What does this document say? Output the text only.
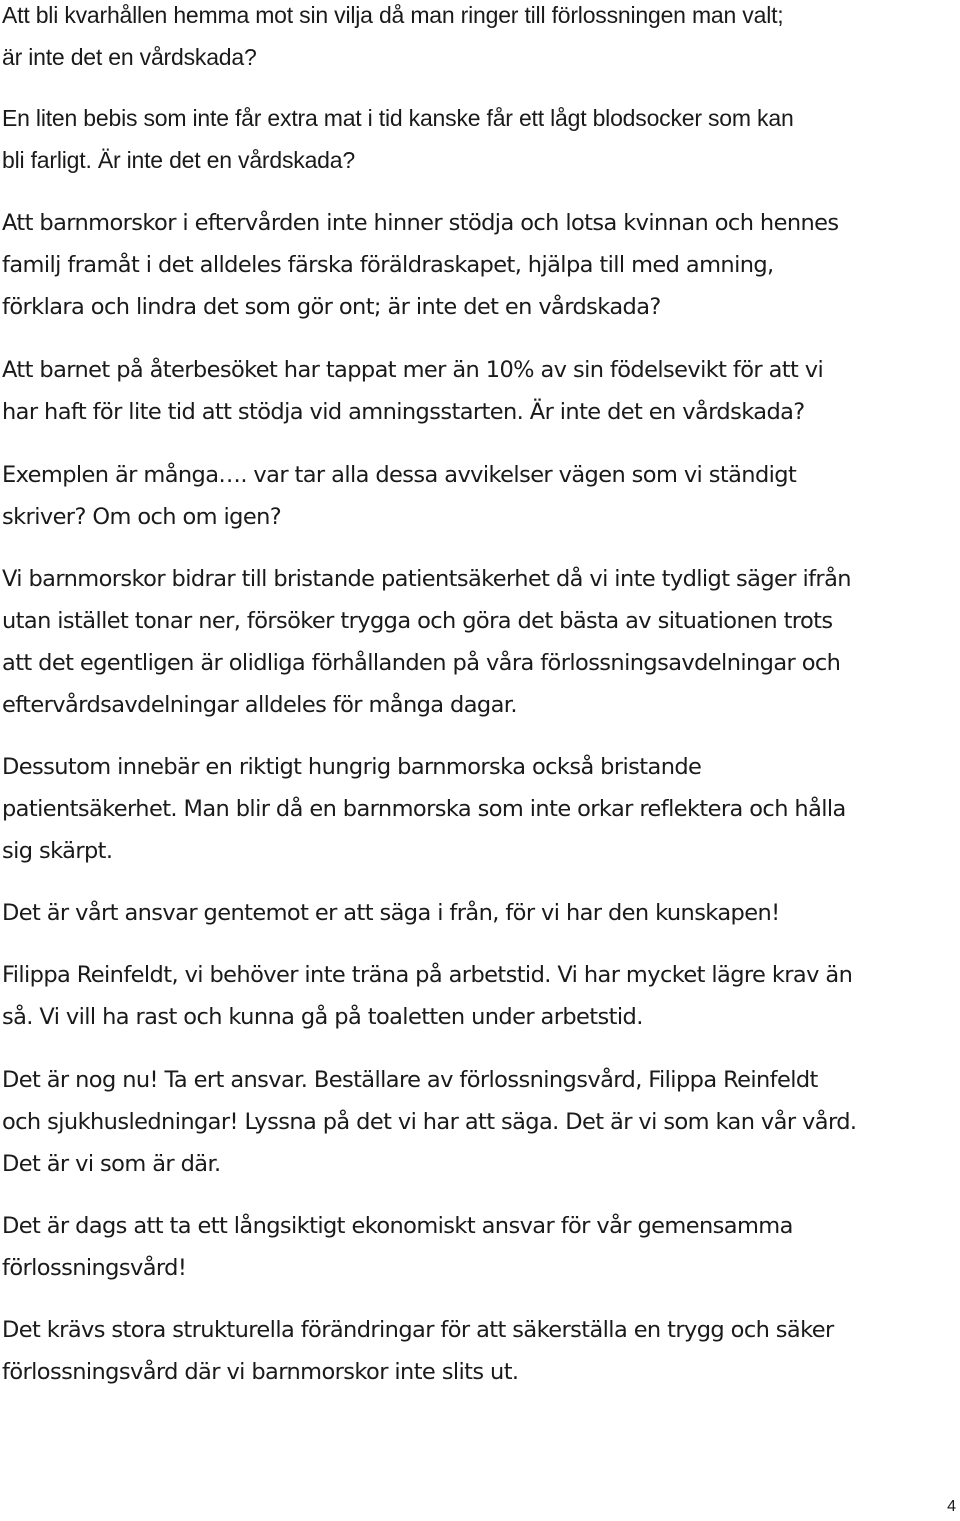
Att bli kvarhållen hemma mot sin vilja då man ringer till förlossningen man valt;
är inte det en vårdskada?

En liten bebis som inte får extra mat i tid kanske får ett lågt blodsocker som kan
bli farligt. Är inte det en vårdskada?

Att barnmorskor i eftervården inte hinner stödja och lotsa kvinnan och hennes
familj framåt i det alldeles färska föräldraskapet, hjälpa till med amning,
förklara och lindra det som gör ont; är inte det en vårdskada?

Att barnet på återbesöket har tappat mer än 10% av sin födelsevikt för att vi
har haft för lite tid att stödja vid amningsstarten. Är inte det en vårdskada?

Exemplen är många…. var tar alla dessa avvikelser vägen som vi ständigt
skriver? Om och om igen?

Vi barnmorskor bidrar till bristande patientsäkerhet då vi inte tydligt säger ifrån
utan istället tonar ner, försöker trygga och göra det bästa av situationen trots
att det egentligen är olidliga förhållanden på våra förlossningsavdelningar och
eftervårdsavdelningar alldeles för många dagar.

Dessutom innebär en riktigt hungrig barnmorska också bristande
patientsäkerhet. Man blir då en barnmorska som inte orkar reflektera och hålla
sig skärpt.

Det är vårt ansvar gentemot er att säga i från, för vi har den kunskapen!

Filippa Reinfeldt, vi behöver inte träna på arbetstid. Vi har mycket lägre krav än
så. Vi vill ha rast och kunna gå på toaletten under arbetstid.

Det är nog nu! Ta ert ansvar. Beställare av förlossningsvård, Filippa Reinfeldt
och sjukhusledningar! Lyssna på det vi har att säga. Det är vi som kan vår vård.
Det är vi som är där.

Det är dags att ta ett långsiktigt ekonomiskt ansvar för vår gemensamma
förlossningsvård!

Det krävs stora strukturella förändringar för att säkerställa en trygg och säker
förlossningsvård där vi barnmorskor inte slits ut.

4
